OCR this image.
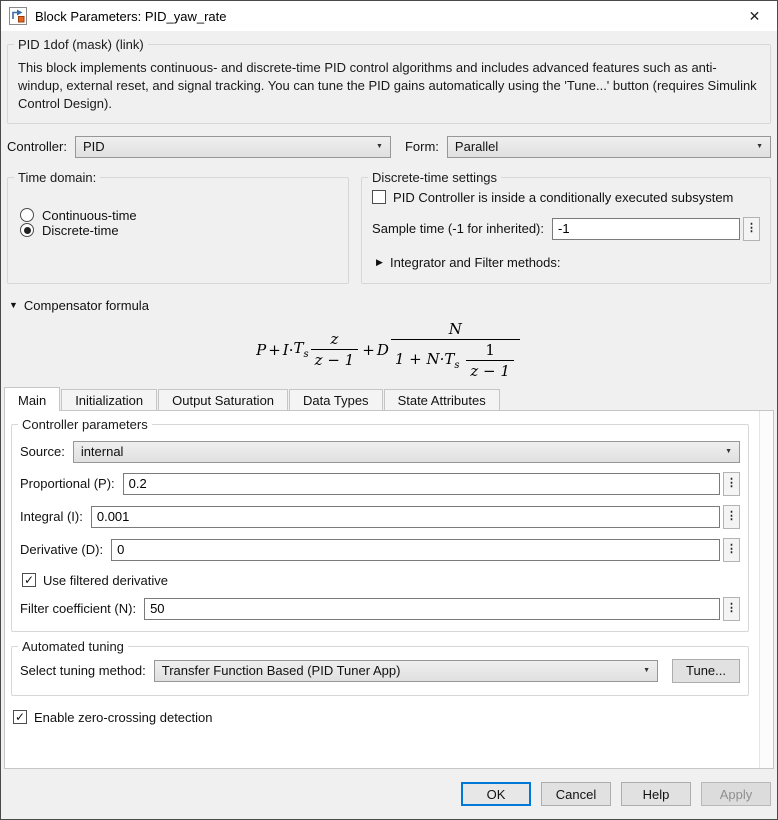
Block Parameters: PID_yaw_rate	✕
PID 1dof (mask) (link)
This block implements continuous- and discrete-time PID control algorithms and includes advanced features such as anti-windup, external reset, and signal tracking. You can tune the PID gains automatically using the 'Tune...' button (requires Simulink Control Design).
Controller: PID	▼ Form: Parallel	▼
Time domain:
Continuous-time
Discrete-time
Discrete-time settings
PID Controller is inside a conditionally executed subsystem
Sample time (-1 for inherited):
-1	⋮
▶ Integrator and Filter methods:
▼ Compensator formula
$P + I \cdot T_s \frac{z}{z - 1} + D \frac{N}{1 + N\cdot T_s \frac{1}{z - 1}}$
Main	Initialization	Output Saturation	Data Types	State Attributes
Controller parameters
Source: internal	▼
Proportional (P):
0.2	⋮
Integral (I):
0.001	⋮
Derivative (D):
0	⋮
✓ Use filtered derivative
Filter coefficient (N):
50	⋮
Automated tuning
Select tuning method: Transfer Function Based (PID Tuner App)	▼	Tune...
✓ Enable zero-crossing detection
OK	Cancel	Help	Apply
